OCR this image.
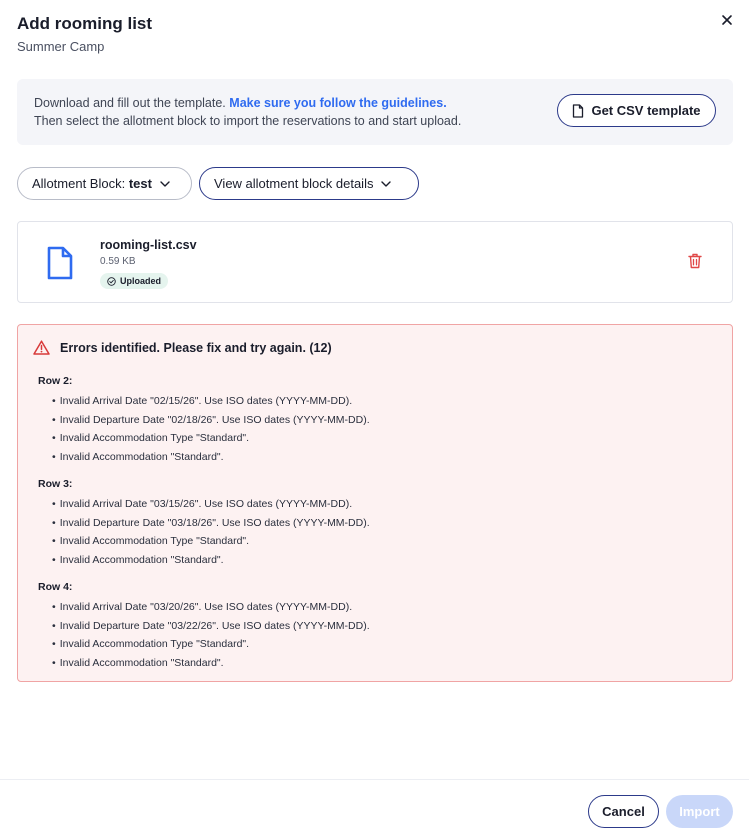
Add rooming list
Summer Camp
Download and fill out the template. Make sure you follow the guidelines.
Then select the allotment block to import the reservations to and start upload.
Get CSV template
Allotment Block: test	View allotment block details
rooming-list.csv
0.59 KB
Uploaded
Errors identified. Please fix and try again. (12)
Row 2:
• Invalid Arrival Date "02/15/26". Use ISO dates (YYYY-MM-DD).
• Invalid Departure Date "02/18/26". Use ISO dates (YYYY-MM-DD).
• Invalid Accommodation Type "Standard".
• Invalid Accommodation "Standard".
Row 3:
• Invalid Arrival Date "03/15/26". Use ISO dates (YYYY-MM-DD).
• Invalid Departure Date "03/18/26". Use ISO dates (YYYY-MM-DD).
• Invalid Accommodation Type "Standard".
• Invalid Accommodation "Standard".
Row 4:
• Invalid Arrival Date "03/20/26". Use ISO dates (YYYY-MM-DD).
• Invalid Departure Date "03/22/26". Use ISO dates (YYYY-MM-DD).
• Invalid Accommodation Type "Standard".
• Invalid Accommodation "Standard".
Cancel	Import
